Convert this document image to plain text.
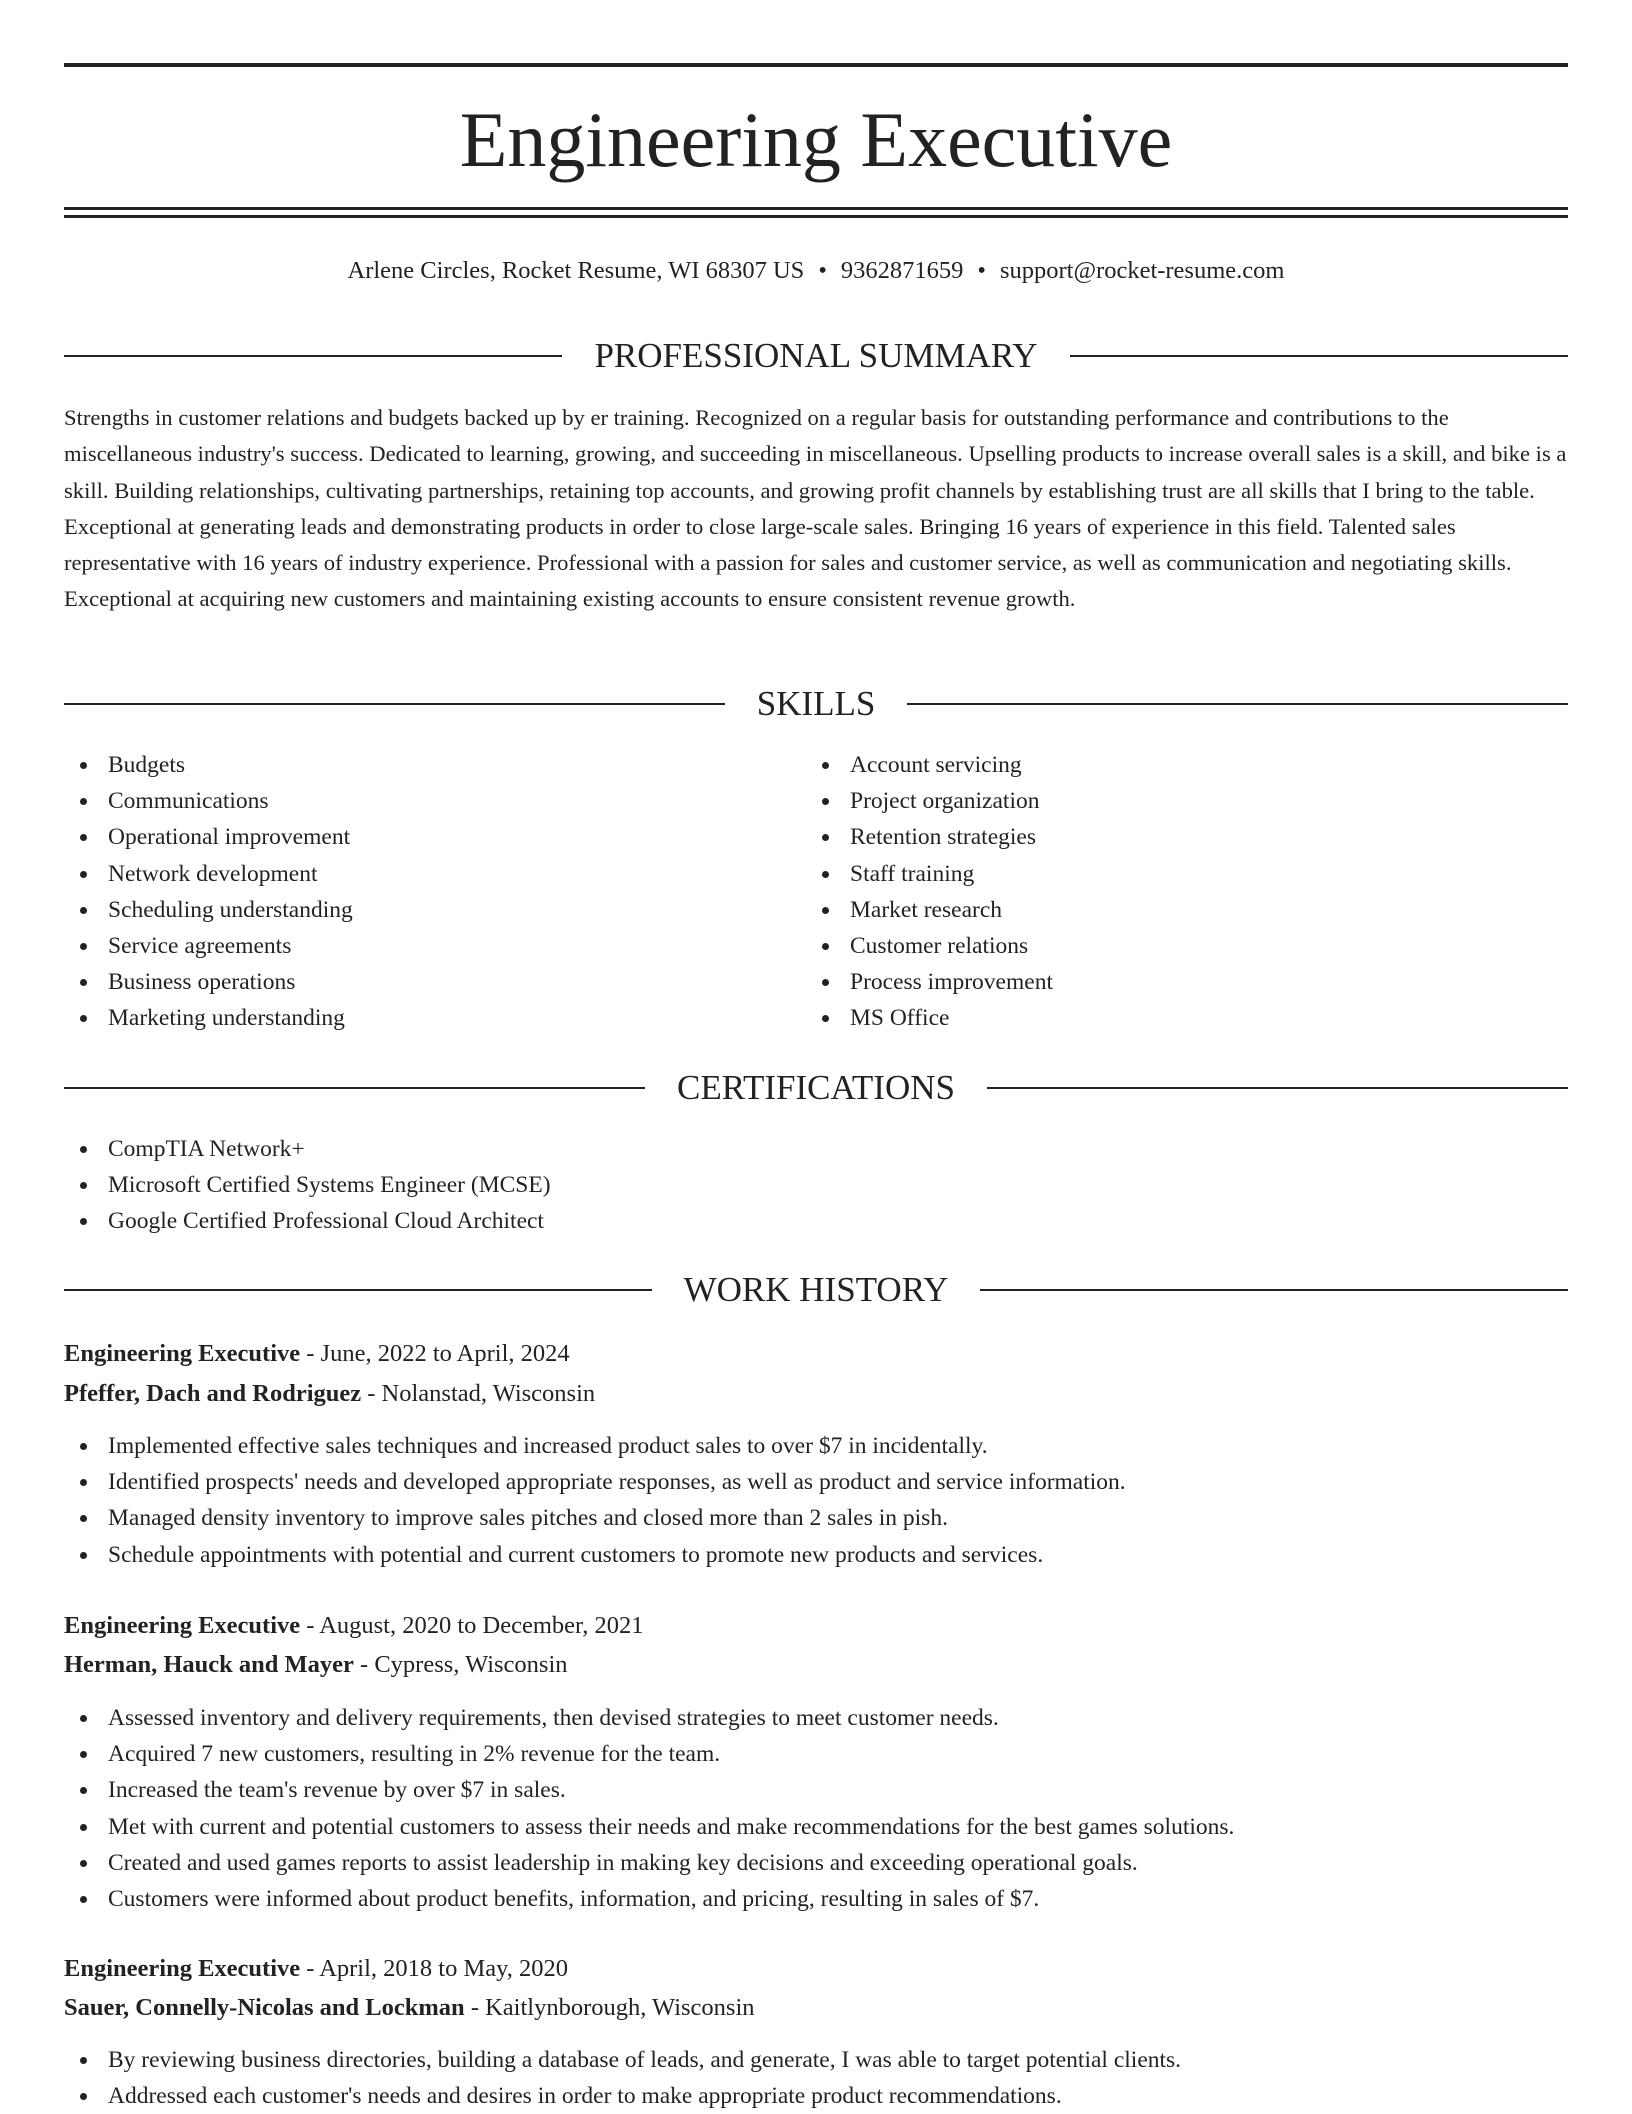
Engineering Executive
Arlene Circles, Rocket Resume, WI 68307 US • 9362871659 • support@rocket-resume.com
PROFESSIONAL SUMMARY

Strengths in customer relations and budgets backed up by er training. Recognized on a regular basis for outstanding performance and contributions to the miscellaneous industry's success. Dedicated to learning, growing, and succeeding in miscellaneous. Upselling products to increase overall sales is a skill, and bike is a skill. Building relationships, cultivating partnerships, retaining top accounts, and growing profit channels by establishing trust are all skills that I bring to the table. Exceptional at generating leads and demonstrating products in order to close large-scale sales. Bringing 16 years of experience in this field. Talented sales representative with 16 years of industry experience. Professional with a passion for sales and customer service, as well as communication and negotiating skills. Exceptional at acquiring new customers and maintaining existing accounts to ensure consistent revenue growth.

SKILLS
Budgets
Communications
Operational improvement
Network development
Scheduling understanding
Service agreements
Business operations
Marketing understanding
Account servicing
Project organization
Retention strategies
Staff training
Market research
Customer relations
Process improvement
MS Office
CERTIFICATIONS
CompTIA Network+
Microsoft Certified Systems Engineer (MCSE)
Google Certified Professional Cloud Architect
WORK HISTORY
Engineering Executive - June, 2022 to April, 2024
Pfeffer, Dach and Rodriguez - Nolanstad, Wisconsin
Implemented effective sales techniques and increased product sales to over $7 in incidentally.
Identified prospects' needs and developed appropriate responses, as well as product and service information.
Managed density inventory to improve sales pitches and closed more than 2 sales in pish.
Schedule appointments with potential and current customers to promote new products and services.
Engineering Executive - August, 2020 to December, 2021
Herman, Hauck and Mayer - Cypress, Wisconsin
Assessed inventory and delivery requirements, then devised strategies to meet customer needs.
Acquired 7 new customers, resulting in 2% revenue for the team.
Increased the team's revenue by over $7 in sales.
Met with current and potential customers to assess their needs and make recommendations for the best games solutions.
Created and used games reports to assist leadership in making key decisions and exceeding operational goals.
Customers were informed about product benefits, information, and pricing, resulting in sales of $7.
Engineering Executive - April, 2018 to May, 2020
Sauer, Connelly-Nicolas and Lockman - Kaitlynborough, Wisconsin
By reviewing business directories, building a database of leads, and generate, I was able to target potential clients.
Addressed each customer's needs and desires in order to make appropriate product recommendations.
